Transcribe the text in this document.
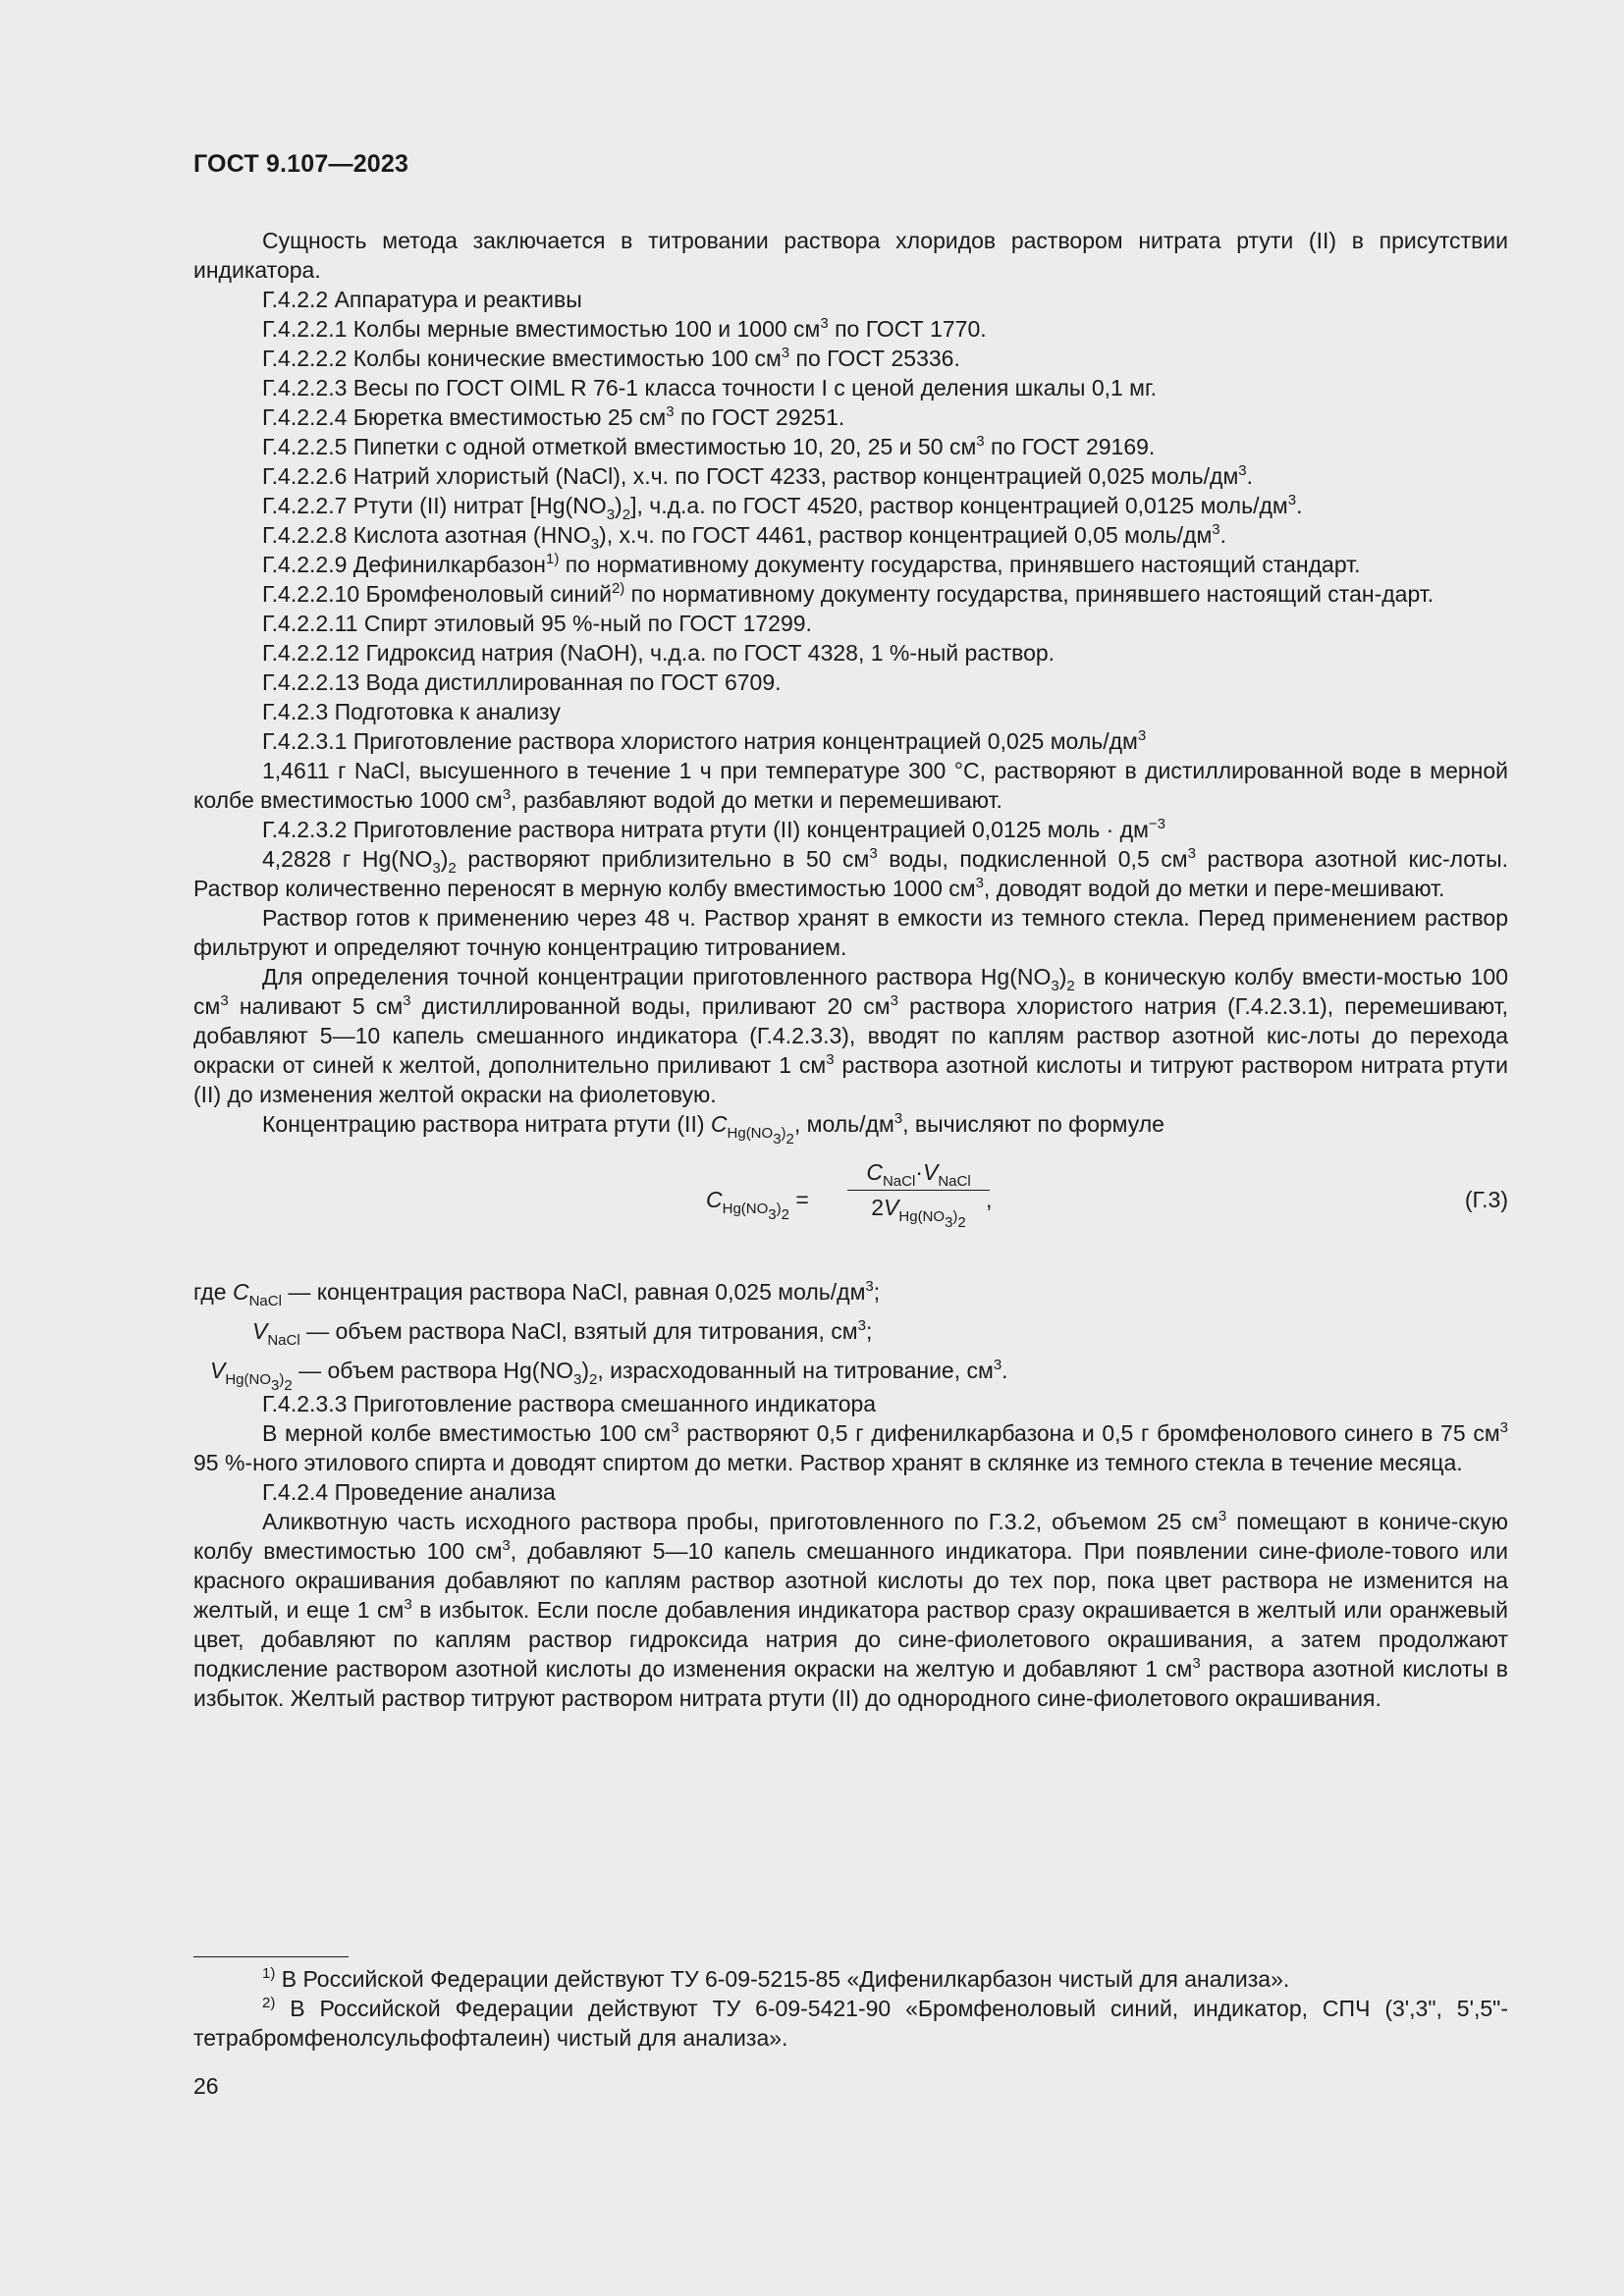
ГОСТ 9.107—2023

Сущность метода заключается в титровании раствора хлоридов раствором нитрата ртути (II) в присутствии индикатора.

Г.4.2.2 Аппаратура и реактивы

Г.4.2.2.1 Колбы мерные вместимостью 100 и 1000 $см^3$ по ГОСТ 1770.

Г.4.2.2.2 Колбы конические вместимостью 100 $см^3$ по ГОСТ 25336.

Г.4.2.2.3 Весы по ГОСТ OIML R 76-1 класса точности I с ценой деления шкалы 0,1 мг.

Г.4.2.2.4 Бюретка вместимостью 25 $см^3$ по ГОСТ 29251.

Г.4.2.2.5 Пипетки с одной отметкой вместимостью 10, 20, 25 и 50 $см^3$ по ГОСТ 29169.

Г.4.2.2.6 Натрий хлористый (NaCl), х.ч. по ГОСТ 4233, раствор концентрацией 0,025 моль/$дм^3$.

Г.4.2.2.7 Ртути (II) нитрат $[Hg(NO_3)_2]$, ч.д.а. по ГОСТ 4520, раствор концентрацией 0,0125 моль/$дм^3$.

Г.4.2.2.8 Кислота азотная $(HNO_3)$, х.ч. по ГОСТ 4461, раствор концентрацией 0,05 моль/$дм^3$.

Г.4.2.2.9 Дефинилкарбазон$^{1)}$ по нормативному документу государства, принявшего настоящий стандарт.

Г.4.2.2.10 Бромфеноловый синий$^{2)}$ по нормативному документу государства, принявшего настоящий стан-дарт.

Г.4.2.2.11 Спирт этиловый 95 %-ный по ГОСТ 17299.

Г.4.2.2.12 Гидроксид натрия (NaOH), ч.д.а. по ГОСТ 4328, 1 %-ный раствор.

Г.4.2.2.13 Вода дистиллированная по ГОСТ 6709.

Г.4.2.3 Подготовка к анализу

Г.4.2.3.1 Приготовление раствора хлористого натрия концентрацией 0,025 моль/$дм^3$

1,4611 г NaCl, высушенного в течение 1 ч при температуре 300 °С, растворяют в дистиллированной воде в мерной колбе вместимостью 1000 $см^3$, разбавляют водой до метки и перемешивают.

Г.4.2.3.2 Приготовление раствора нитрата ртути (II) концентрацией 0,0125 моль · $дм^{-3}$

4,2828 г $Hg(NO_3)_2$ растворяют приблизительно в 50 $см^3$ воды, подкисленной 0,5 $см^3$ раствора азотной кис-лоты. Раствор количественно переносят в мерную колбу вместимостью 1000 $см^3$, доводят водой до метки и пере-мешивают.

Раствор готов к применению через 48 ч. Раствор хранят в емкости из темного стекла. Перед применением раствор фильтруют и определяют точную концентрацию титрованием.

Для определения точной концентрации приготовленного раствора $Hg(NO_3)_2$ в коническую колбу вмести-мостью 100 $см^3$ наливают 5 $см^3$ дистиллированной воды, приливают 20 $см^3$ раствора хлористого натрия (Г.4.2.3.1), перемешивают, добавляют 5—10 капель смешанного индикатора (Г.4.2.3.3), вводят по каплям раствор азотной кис-лоты до перехода окраски от синей к желтой, дополнительно приливают 1 $см^3$ раствора азотной кислоты и титруют раствором нитрата ртути (II) до изменения желтой окраски на фиолетовую.

Концентрацию раствора нитрата ртути (II) $C_{Hg(NO_3)_2}$, моль/$дм^3$, вычисляют по формуле

$C_{Hg(NO_3)_2}$ =
$C_{NaCl}\cdot V_{NaCl}$
$2V_{Hg(NO_3)_2}$
,	(Г.3)
где $C_{NaCl}$ — концентрация раствора NaCl, равная 0,025 моль/$дм^3$;
$V_{NaCl}$ — объем раствора NaCl, взятый для титрования, $см^3$;
$V_{Hg(NO_3)_2}$ — объем раствора $Hg(NO_3)_2$, израсходованный на титрование, $см^3$.

Г.4.2.3.3 Приготовление раствора смешанного индикатора

В мерной колбе вместимостью 100 $см^3$ растворяют 0,5 г дифенилкарбазона и 0,5 г бромфенолового синего в 75 $см^3$ 95 %-ного этилового спирта и доводят спиртом до метки. Раствор хранят в склянке из темного стекла в течение месяца.

Г.4.2.4 Проведение анализа

Аликвотную часть исходного раствора пробы, приготовленного по Г.3.2, объемом 25 $см^3$ помещают в кониче-скую колбу вместимостью 100 $см^3$, добавляют 5—10 капель смешанного индикатора. При появлении сине-фиоле-тового или красного окрашивания добавляют по каплям раствор азотной кислоты до тех пор, пока цвет раствора не изменится на желтый, и еще 1 $см^3$ в избыток. Если после добавления индикатора раствор сразу окрашивается в желтый или оранжевый цвет, добавляют по каплям раствор гидроксида натрия до сине-фиолетового окрашивания, а затем продолжают подкисление раствором азотной кислоты до изменения окраски на желтую и добавляют 1 $см^3$ раствора азотной кислоты в избыток. Желтый раствор титруют раствором нитрата ртути (II) до однородного сине-фиолетового окрашивания.

$^{1)}$ В Российской Федерации действуют ТУ 6-09-5215-85 «Дифенилкарбазон чистый для анализа».

$^{2)}$ В Российской Федерации действуют ТУ 6-09-5421-90 «Бромфеноловый синий, индикатор, СПЧ (3',3", 5',5"-тетрабромфенолсульфофталеин) чистый для анализа».

26
